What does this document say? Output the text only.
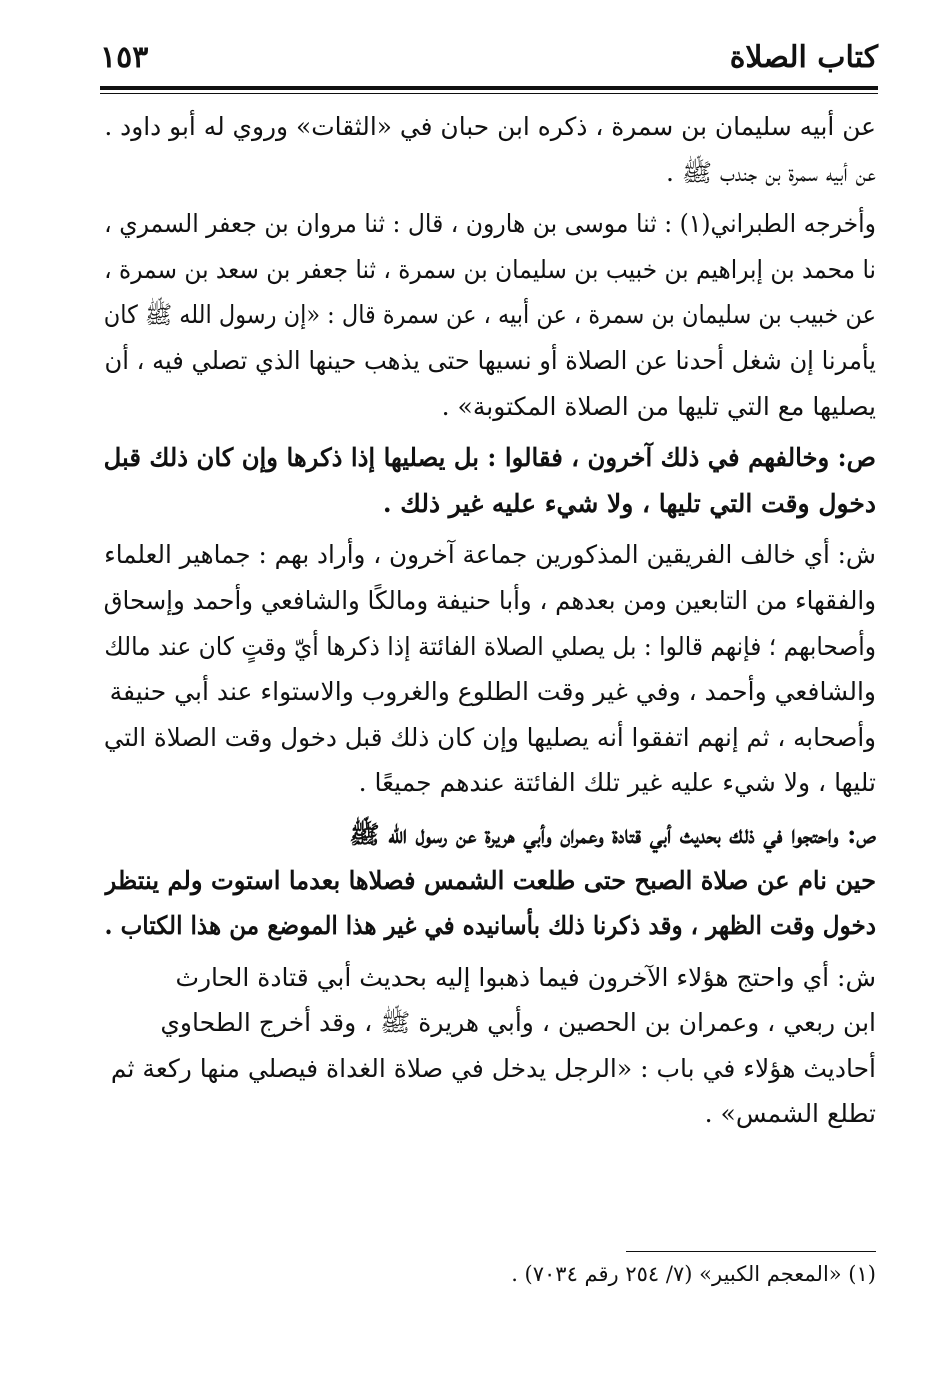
كتاب الصلاة
١٥٣
عن أبيه سليمان بن سمرة ، ذكره ابن حبان في «الثقات» وروي له أبو داود .
عن أبيه سمرة بن جندب ﷺ .
وأخرجه الطبراني(١) : ثنا موسى بن هارون ، قال : ثنا مروان بن جعفر السمري ،
نا محمد بن إبراهيم بن خبيب بن سليمان بن سمرة ، ثنا جعفر بن سعد بن سمرة ،
عن خبيب بن سليمان بن سمرة ، عن أبيه ، عن سمرة قال : «إن رسول الله ﷺ كان
يأمرنا إن شغل أحدنا عن الصلاة أو نسيها حتى يذهب حينها الذي تصلي فيه ، أن
يصليها مع التي تليها من الصلاة المكتوبة» .
ص: وخالفهم في ذلك آخرون ، فقالوا : بل يصليها إذا ذكرها وإن كان ذلك قبل
دخول وقت التي تليها ، ولا شيء عليه غير ذلك .
ش: أي خالف الفريقين المذكورين جماعة آخرون ، وأراد بهم : جماهير العلماء
والفقهاء من التابعين ومن بعدهم ، وأبا حنيفة ومالكًا والشافعي وأحمد وإسحاق
وأصحابهم ؛ فإنهم قالوا : بل يصلي الصلاة الفائتة إذا ذكرها أيّ وقتٍ كان عند مالك
والشافعي وأحمد ، وفي غير وقت الطلوع والغروب والاستواء عند أبي حنيفة
وأصحابه ، ثم إنهم اتفقوا أنه يصليها وإن كان ذلك قبل دخول وقت الصلاة التي
تليها ، ولا شيء عليه غير تلك الفائتة عندهم جميعًا .
ص: واحتجوا في ذلك بحديث أبي قتادة وعمران وأبي هريرة عن رسول الله ﷺ
حين نام عن صلاة الصبح حتى طلعت الشمس فصلاها بعدما استوت ولم ينتظر
دخول وقت الظهر ، وقد ذكرنا ذلك بأسانيده في غير هذا الموضع من هذا الكتاب .
ش: أي واحتج هؤلاء الآخرون فيما ذهبوا إليه بحديث أبي قتادة الحارث
ابن ربعي ، وعمران بن الحصين ، وأبي هريرة ﷺ ، وقد أخرج الطحاوي
أحاديث هؤلاء في باب : «الرجل يدخل في صلاة الغداة فيصلي منها ركعة ثم
تطلع الشمس» .
(١) «المعجم الكبير» (٧/ ٢٥٤ رقم ٧٠٣٤) .
